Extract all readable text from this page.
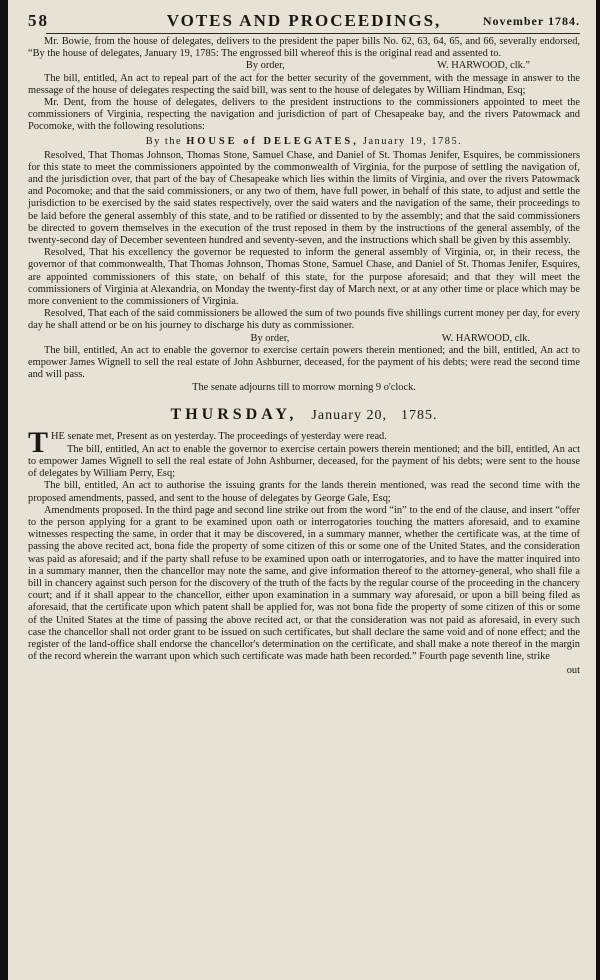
58	VOTES AND PROCEEDINGS,	November 1784.

Mr. Bowie, from the house of delegates, delivers to the president the paper bills No. 62, 63, 64, 65, and 66, severally endorsed, “By the house of delegates, January 19, 1785: The engrossed bill whereof this is the original read and assented to.

By order,	W. HARWOOD, clk.”

The bill, entitled, An act to repeal part of the act for the better security of the government, with the message in answer to the message of the house of delegates respecting the said bill, was sent to the house of delegates by William Hindman, Esq;

Mr. Dent, from the house of delegates, delivers to the president instructions to the commissioners appointed to meet the commissioners of Virginia, respecting the navigation and jurisdiction of part of Chesapeake bay, and the rivers Patowmack and Pocomoke, with the following resolutions:

By the HOUSE of DELEGATES, January 19, 1785.

Resolved, That Thomas Johnson, Thomas Stone, Samuel Chase, and Daniel of St. Thomas Jenifer, Esquires, be commissioners for this state to meet the commissioners appointed by the commonwealth of Virginia, for the purpose of settling the navigation of, and the jurisdiction over, that part of the bay of Chesapeake which lies within the limits of Virginia, and over the rivers Patowmack and Pocomoke; and that the said commissioners, or any two of them, have full power, in behalf of this state, to adjust and settle the jurisdiction to be exercised by the said states respectively, over the said waters and the navigation of the same, their proceedings to be laid before the general assembly of this state, and to be ratified or dissented to by the assembly; and that the said commissioners be directed to govern themselves in the execution of the trust reposed in them by the instructions of the general assembly, of the twenty-second day of December seventeen hundred and seventy-seven, and the instructions which shall be given by this assembly.

Resolved, That his excellency the governor be requested to inform the general assembly of Virginia, or, in their recess, the governor of that commonwealth, That Thomas Johnson, Thomas Stone, Samuel Chase, and Daniel of St. Thomas Jenifer, Esquires, are appointed commissioners of this state, on behalf of this state, for the purpose aforesaid; and that they will meet the commissioners of Virginia at Alexandria, on Monday the twenty-first day of March next, or at any other time or place which may be more convenient to the commissioners of Virginia.

Resolved, That each of the said commissioners be allowed the sum of two pounds five shillings current money per day, for every day he shall attend or be on his journey to discharge his duty as commissioner.

By order,	W. HARWOOD, clk.

The bill, entitled, An act to enable the governor to exercise certain powers therein mentioned; and the bill, entitled, An act to empower James Wignell to sell the real estate of John Ashburner, deceased, for the payment of his debts; were read the second time and will pass.

The senate adjourns till to morrow morning 9 o'clock.
THURSDAY, January 20, 1785.

T HE senate met, Present as on yesterday. The proceedings of yesterday were read.

The bill, entitled, An act to enable the governor to exercise certain powers therein mentioned; and the bill, entitled, An act to empower James Wignell to sell the real estate of John Ashburner, deceased, for the payment of his debts; were sent to the house of delegates by William Perry, Esq;

The bill, entitled, An act to authorise the issuing grants for the lands therein mentioned, was read the second time with the proposed amendments, passed, and sent to the house of delegates by George Gale, Esq;

Amendments proposed. In the third page and second line strike out from the word “in” to the end of the clause, and insert “offer to the person applying for a grant to be examined upon oath or interrogatories touching the matters aforesaid, and to examine witnesses respecting the same, in order that it may be discovered, in a summary manner, whether the certificate was, at the time of passing the above recited act, bona fide the property of some citizen of this or some one of the United States, and the consideration was paid as aforesaid; and if the party shall refuse to be examined upon oath or interrogatories, and to have the matter inquired into in a summary manner, then the chancellor may note the same, and give information thereof to the attorney-general, who shall file a bill in chancery against such person for the discovery of the truth of the facts by the regular course of the proceeding in the chancery court; and if it shall appear to the chancellor, either upon examination in a summary way aforesaid, or upon a bill being filed as aforesaid, that the certificate upon which patent shall be applied for, was not bona fide the property of some citizen of this or some of the United States at the time of passing the above recited act, or that the consideration was not paid as aforesaid, in every such case the chancellor shall not order grant to be issued on such certificates, but shall declare the same void and of none effect; and the register of the land-office shall endorse the chancellor's determination on the certificate, and shall make a note thereof in the margin of the record wherein the warrant upon which such certificate was made hath been recorded.” Fourth page seventh line, strike

out
